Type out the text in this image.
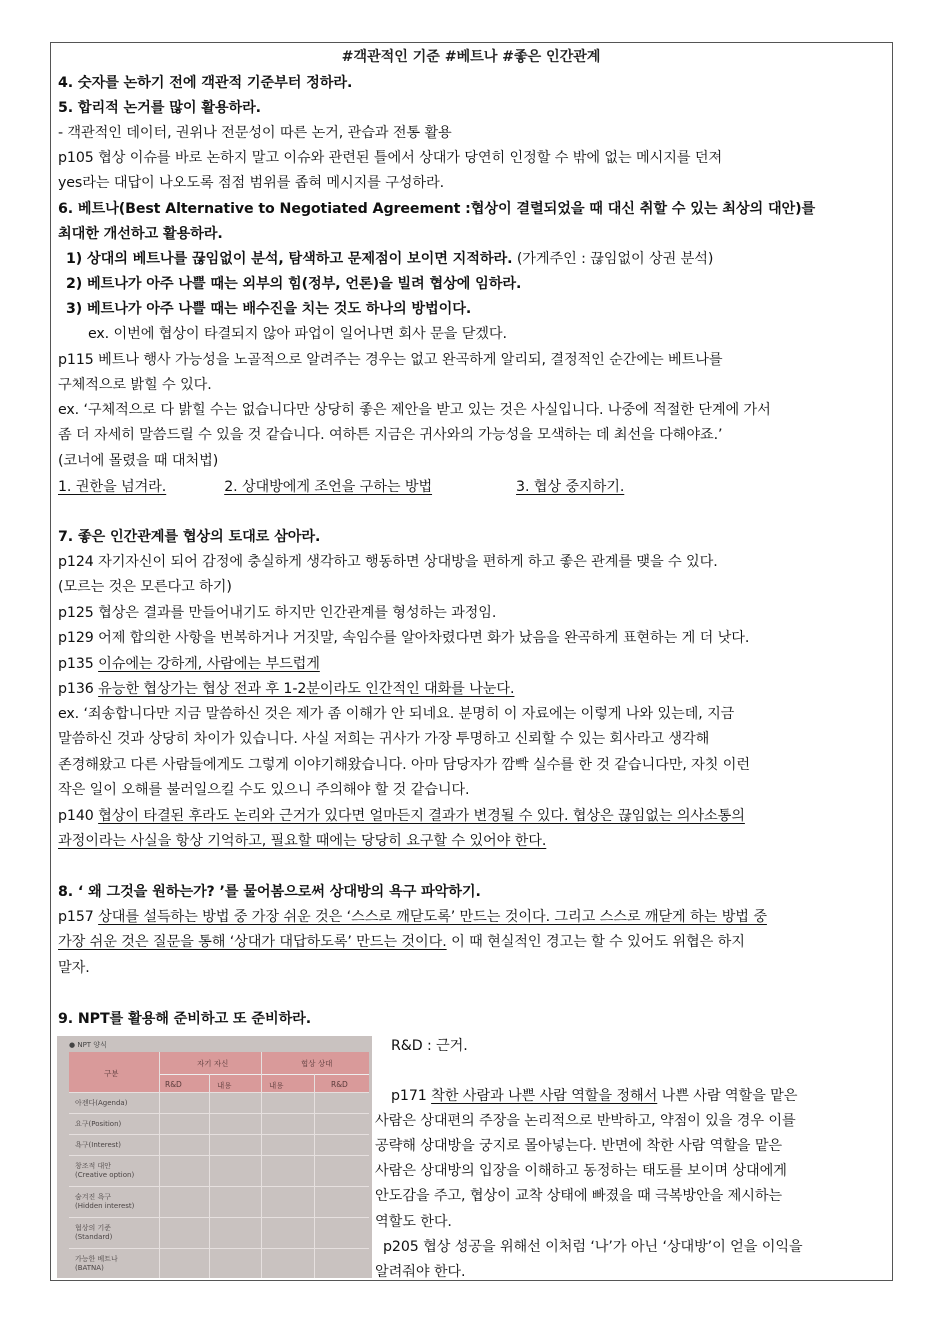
#객관적인 기준 #베트나 #좋은 인간관계
4. 숫자를 논하기 전에 객관적 기준부터 정하라.
5. 합리적 논거를 많이 활용하라.
- 객관적인 데이터, 권위나 전문성이 따른 논거, 관습과 전통 활용
p105 협상 이슈를 바로 논하지 말고 이슈와 관련된 틀에서 상대가 당연히 인정할 수 밖에 없는 메시지를 던져
yes라는 대답이 나오도록 점점 범위를 좁혀 메시지를 구성하라.
6. 베트나(Best Alternative to Negotiated Agreement :협상이 결렬되었을 때 대신 취할 수 있는 최상의 대안)를
최대한 개선하고 활용하라.
1) 상대의 베트나를 끊임없이 분석, 탐색하고 문제점이 보이면 지적하라. (가게주인 : 끊임없이 상권 분석)
2) 베트나가 아주 나쁠 때는 외부의 힘(정부, 언론)을 빌려 협상에 임하라.
3) 베트나가 아주 나쁠 때는 배수진을 치는 것도 하나의 방법이다.
ex. 이번에 협상이 타결되지 않아 파업이 일어나면 회사 문을 닫겠다.
p115 베트나 행사 가능성을 노골적으로 알려주는 경우는 없고 완곡하게 알리되, 결정적인 순간에는 베트나를
구체적으로 밝힐 수 있다.
ex. ‘구체적으로 다 밝힐 수는 없습니다만 상당히 좋은 제안을 받고 있는 것은 사실입니다. 나중에 적절한 단계에 가서
좀 더 자세히 말씀드릴 수 있을 것 같습니다. 여하튼 지금은 귀사와의 가능성을 모색하는 데 최선을 다해야죠.’
(코너에 몰렸을 때 대처법)
1. 권한을 넘겨라.	2. 상대방에게 조언을 구하는 방법	3. 협상 중지하기.
7. 좋은 인간관계를 협상의 토대로 삼아라.
p124 자기자신이 되어 감정에 충실하게 생각하고 행동하면 상대방을 편하게 하고 좋은 관계를 맺을 수 있다.
(모르는 것은 모른다고 하기)
p125 협상은 결과를 만들어내기도 하지만 인간관계를 형성하는 과정임.
p129 어제 합의한 사항을 번복하거나 거짓말, 속임수를 알아차렸다면 화가 났음을 완곡하게 표현하는 게 더 낫다.
p135 이슈에는 강하게, 사람에는 부드럽게
p136 유능한 협상가는 협상 전과 후 1-2분이라도 인간적인 대화를 나눈다.
ex. ‘죄송합니다만 지금 말씀하신 것은 제가 좀 이해가 안 되네요. 분명히 이 자료에는 이렇게 나와 있는데, 지금
말씀하신 것과 상당히 차이가 있습니다. 사실 저희는 귀사가 가장 투명하고 신뢰할 수 있는 회사라고 생각해
존경해왔고 다른 사람들에게도 그렇게 이야기해왔습니다. 아마 담당자가 깜빡 실수를 한 것 같습니다만, 자칫 이런
작은 일이 오해를 불러일으킬 수도 있으니 주의해야 할 것 같습니다.
p140 협상이 타결된 후라도 논리와 근거가 있다면 얼마든지 결과가 변경될 수 있다. 협상은 끊임없는 의사소통의
과정이라는 사실을 항상 기억하고, 필요할 때에는 당당히 요구할 수 있어야 한다.
8. ‘ 왜 그것을 원하는가? ’를 물어봄으로써 상대방의 욕구 파악하기.
p157 상대를 설득하는 방법 중 가장 쉬운 것은 ‘스스로 깨닫도록’ 만드는 것이다. 그리고 스스로 깨닫게 하는 방법 중
가장 쉬운 것은 질문을 통해 ‘상대가 대답하도록’ 만드는 것이다. 이 때 현실적인 경고는 할 수 있어도 위협은 하지
말자.
9. NPT를 활용해 준비하고 또 준비하라.
● NPT 양식
구분
자기 자신	협상 상대
R&D	내용	내용	R&D
아젠다(Agenda)
요구(Position)
욕구(Interest)
창조적 대안
(Creative option)
숨겨진 욕구
(Hidden interest)
협상의 기준
(Standard)
가능한 베트나
(BATNA)
R&D : 근거.
p171 착한 사람과 나쁜 사람 역할을 정해서 나쁜 사람 역할을 맡은
사람은 상대편의 주장을 논리적으로 반박하고, 약점이 있을 경우 이를
공략해 상대방을 궁지로 몰아넣는다. 반면에 착한 사람 역할을 맡은
사람은 상대방의 입장을 이해하고 동정하는 태도를 보이며 상대에게
안도감을 주고, 협상이 교착 상태에 빠졌을 때 극복방안을 제시하는
역할도 한다.
p205 협상 성공을 위해선 이처럼 ‘나’가 아닌 ‘상대방’이 얻을 이익을
알려줘야 한다.
